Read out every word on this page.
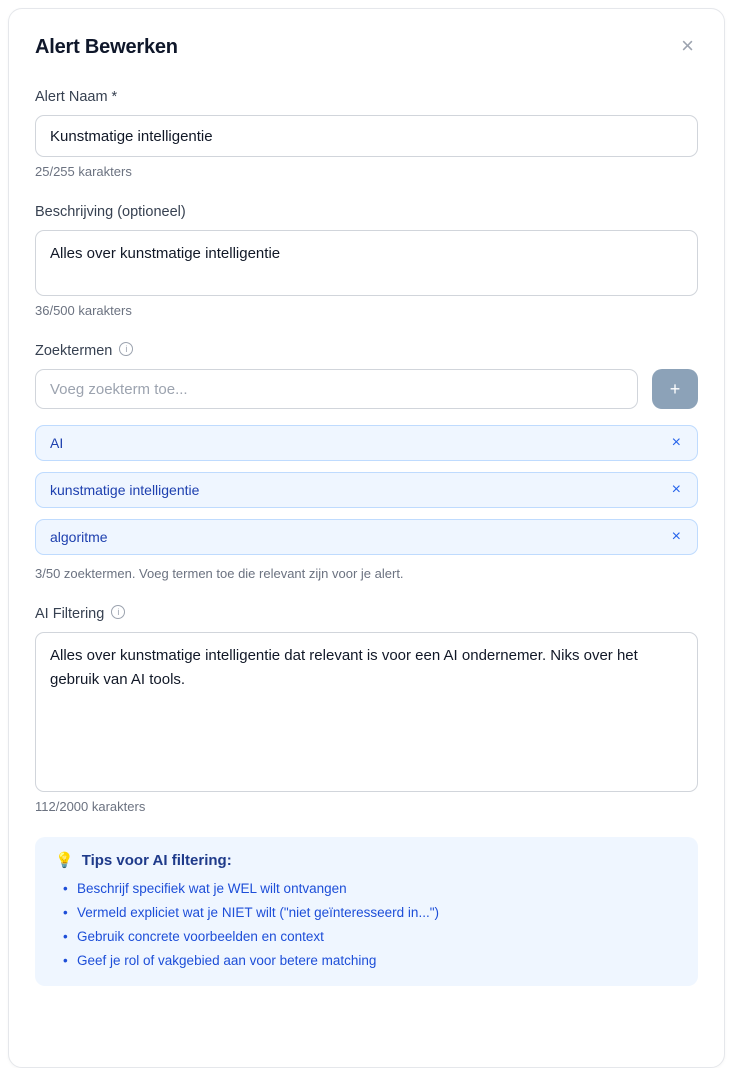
Alert Bewerken	×
Alert Naam *
Kunstmatige intelligentie
25/255 karakters
Beschrijving (optioneel)
Alles over kunstmatige intelligentie
36/500 karakters
Zoektermen	i
Voeg zoekterm toe...
+
AI	×
kunstmatige intelligentie	×
algoritme	×
3/50 zoektermen. Voeg termen toe die relevant zijn voor je alert.
AI Filtering	i
Alles over kunstmatige intelligentie dat relevant is voor een AI ondernemer. Niks over het gebruik van AI tools.
112/2000 karakters
💡 Tips voor AI filtering:
• Beschrijf specifiek wat je WEL wilt ontvangen
• Vermeld expliciet wat je NIET wilt ("niet geïnteresseerd in...")
• Gebruik concrete voorbeelden en context
• Geef je rol of vakgebied aan voor betere matching
